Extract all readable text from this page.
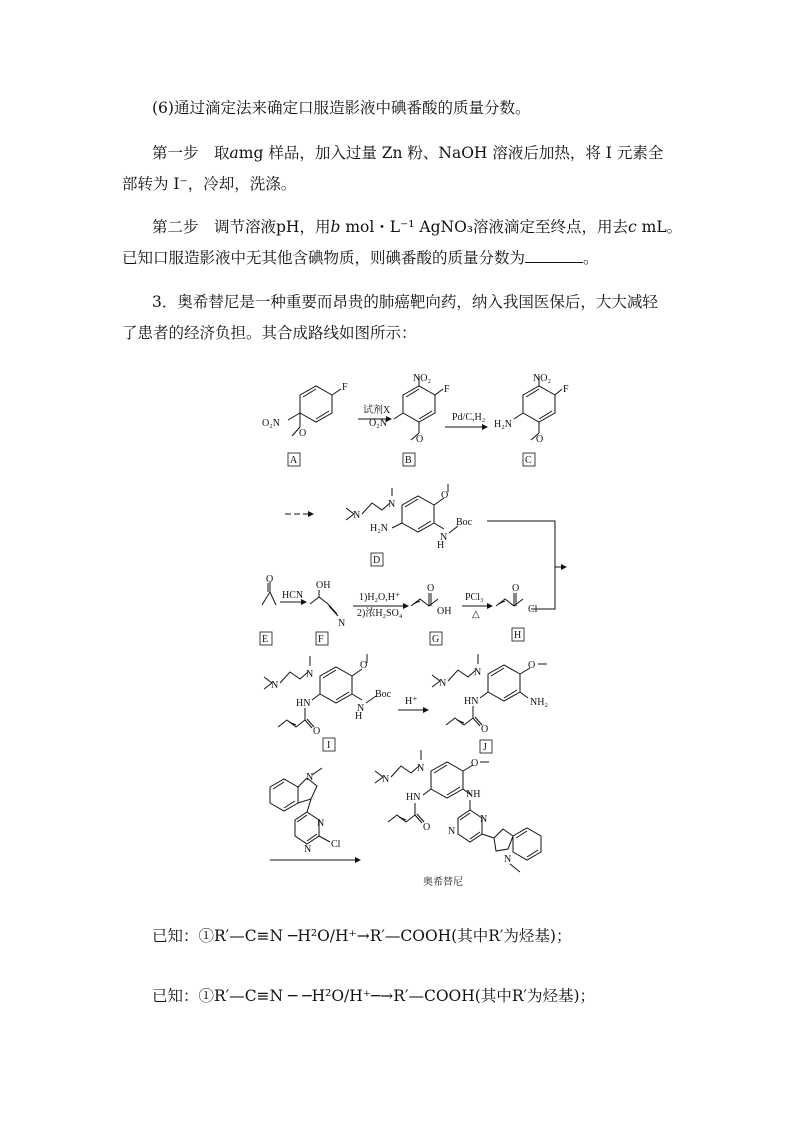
(6)通过滴定法来确定口服造影液中碘番酸的质量分数。
第一步　取amg 样品，加入过量 Zn 粉、NaOH 溶液后加热，将 I 元素全
部转为 I⁻，冷却，洗涤。
第二步　调节溶液pH，用b mol・L⁻¹ AgNO₃溶液滴定至终点，用去c mL。
已知口服造影液中无其他含碘物质，则碘番酸的质量分数为	。
3．奥希替尼是一种重要而昂贵的肺癌靶向药，纳入我国医保后，大大减轻
了患者的经济负担。其合成路线如图所示：
F
O₂N
O
A
试剂X
NO₂
F
O₂N
O
B
Pd/C,H₂
NO₂
F
H₂N
O
C
N
N
O
H₂N
N
H
Boc
D
O
E
HCN
OH
N
F
1)H₂O,H⁺
2)浓H₂SO₄
O
OH
G
PCl₃
△
O
Cl
H
N
N
O
HN
O
N
H
Boc
I
H⁺
N
N
O
HN
O
NH₂
J
N
N
N Cl
N
N	O
HN
O
NH
N
N
N
奥希替尼
已知：①R′—C≡N ─H²O/H⁺→R′—COOH(其中R′为烃基)；
已知：①R′—C≡N ─ ─H²O/H⁺─→R′—COOH(其中R′为烃基)；
